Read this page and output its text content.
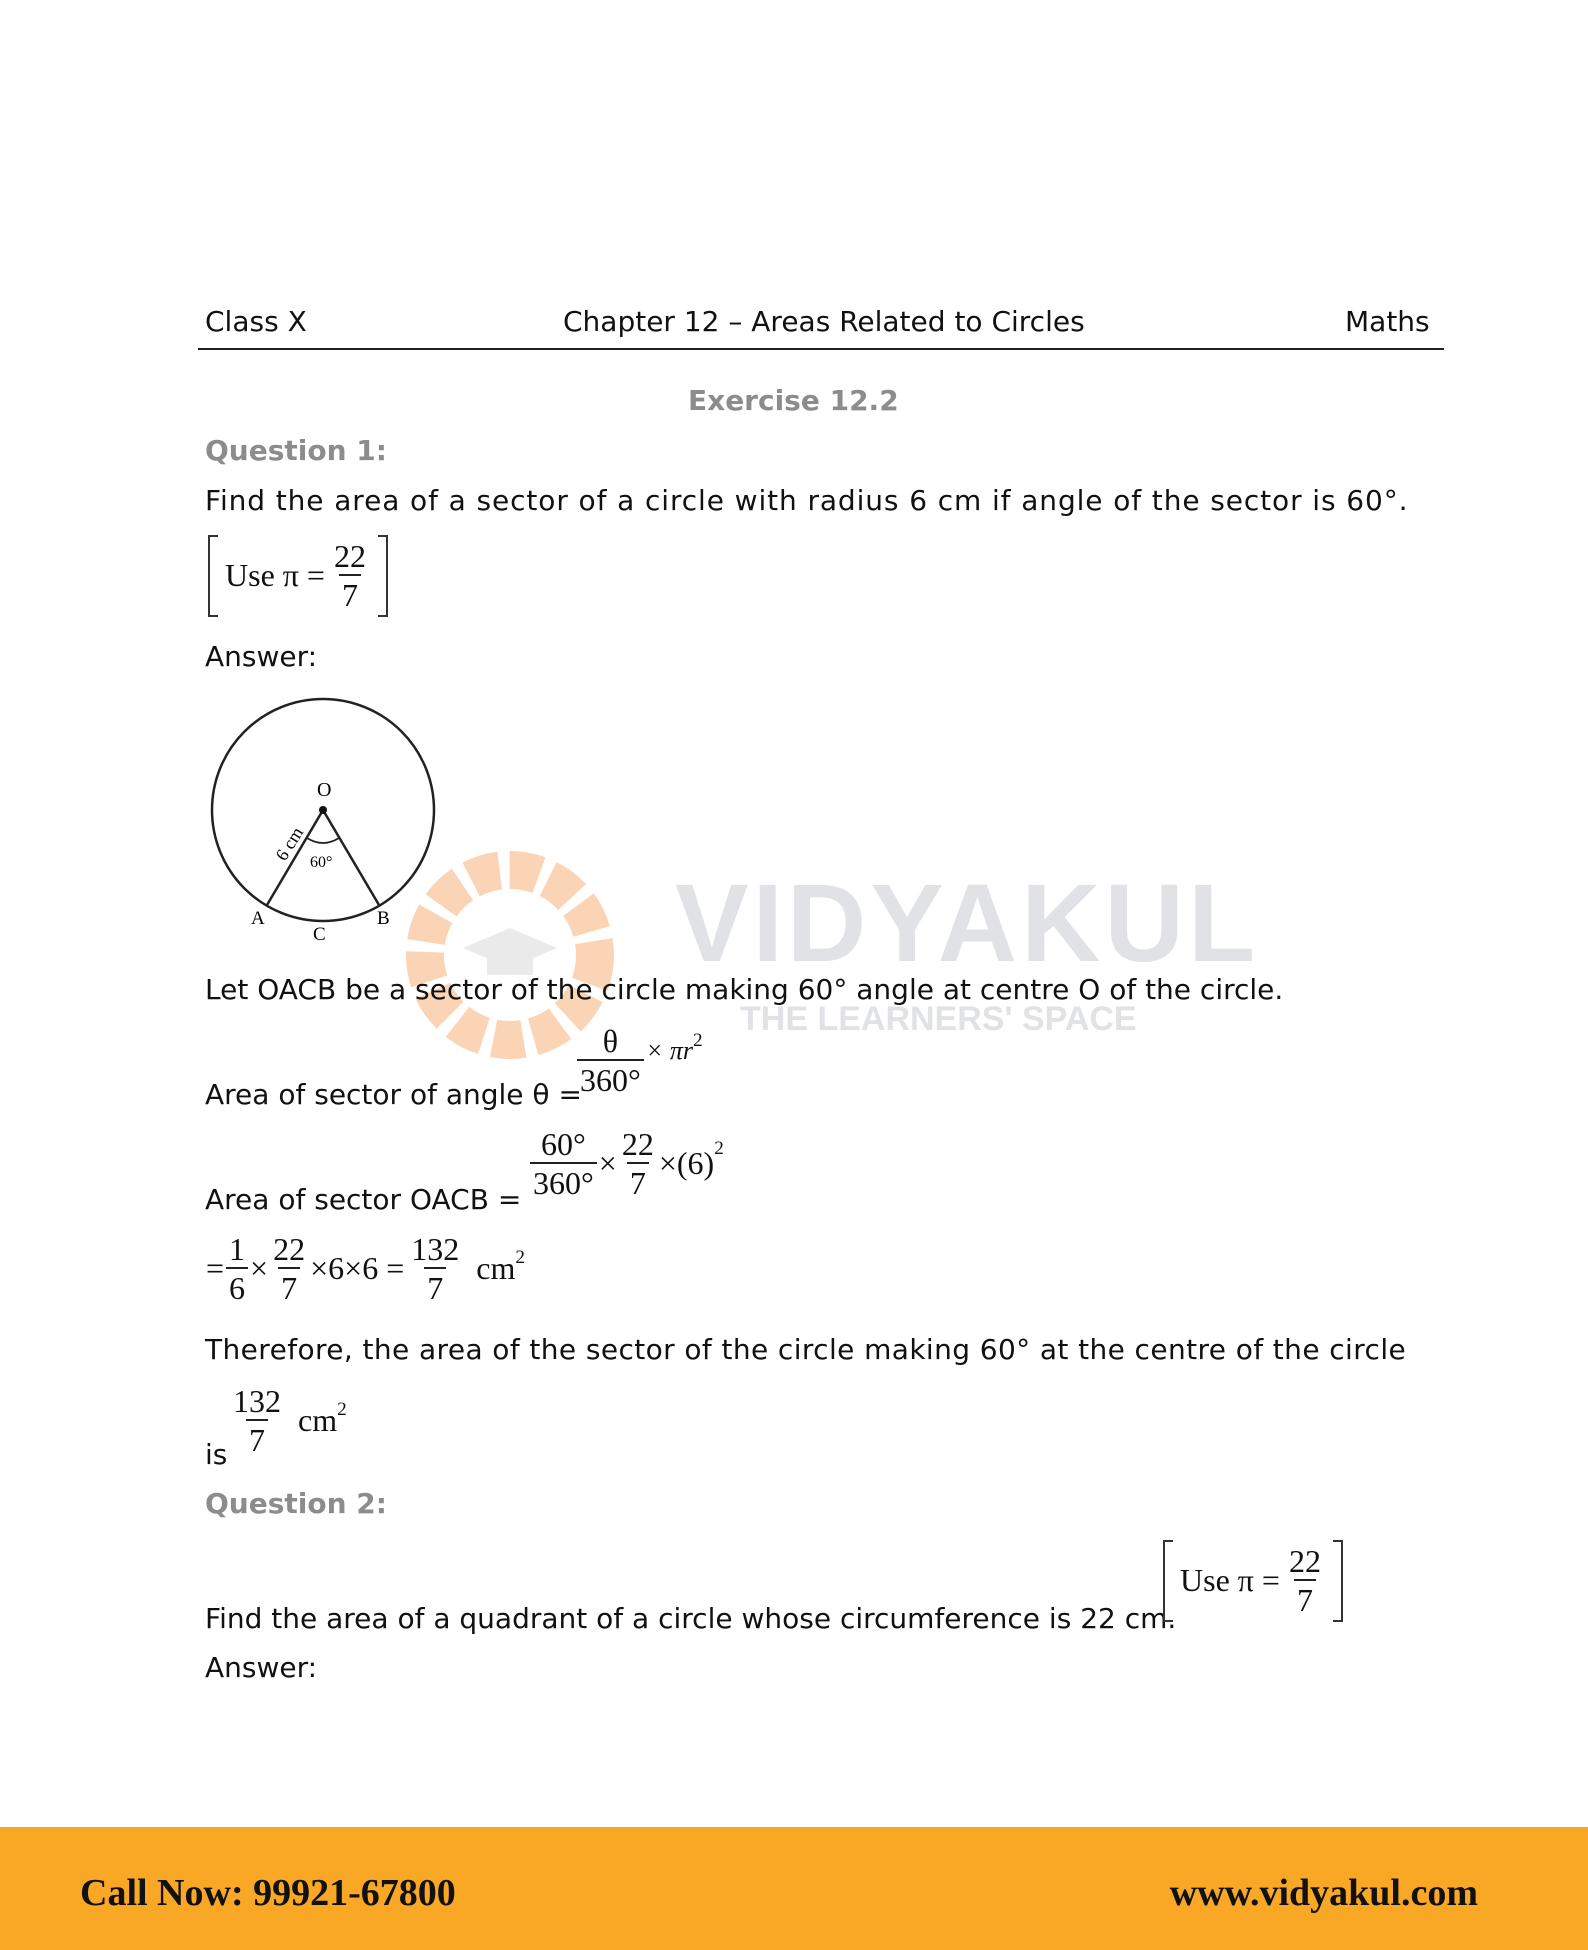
VIDYAKUL
THE LEARNERS' SPACE
Class X	Chapter 12 – Areas Related to Circles	Maths
Exercise 12.2
Question 1:
Find the area of a sector of a circle with radius 6 cm if angle of the sector is 60°.
Use $\pi = \frac{22}{7}$
Answer:
O
6 cm 60°
A	B
C
Let OACB be a sector of the circle making 60° angle at centre O of the circle.
Area of sector of angle θ =
$\frac{\theta}{360^\circ} \times \pi r^2$
Area of sector OACB =
$\frac{60^\circ}{360^\circ} \times \frac{22}{7} \times(6)^2$
= $\frac{1}{6} \times \frac{22}{7} \times 6\times 6 = \frac{132}{7} cm^2$
Therefore, the area of the sector of the circle making 60° at the centre of the circle
is $\frac{132}{7} cm^2$
Question 2:
Find the area of a quadrant of a circle whose circumference is 22 cm.
Use $\pi = \frac{22}{7}$
Answer:
Call Now: 99921-67800	www.vidyakul.com
